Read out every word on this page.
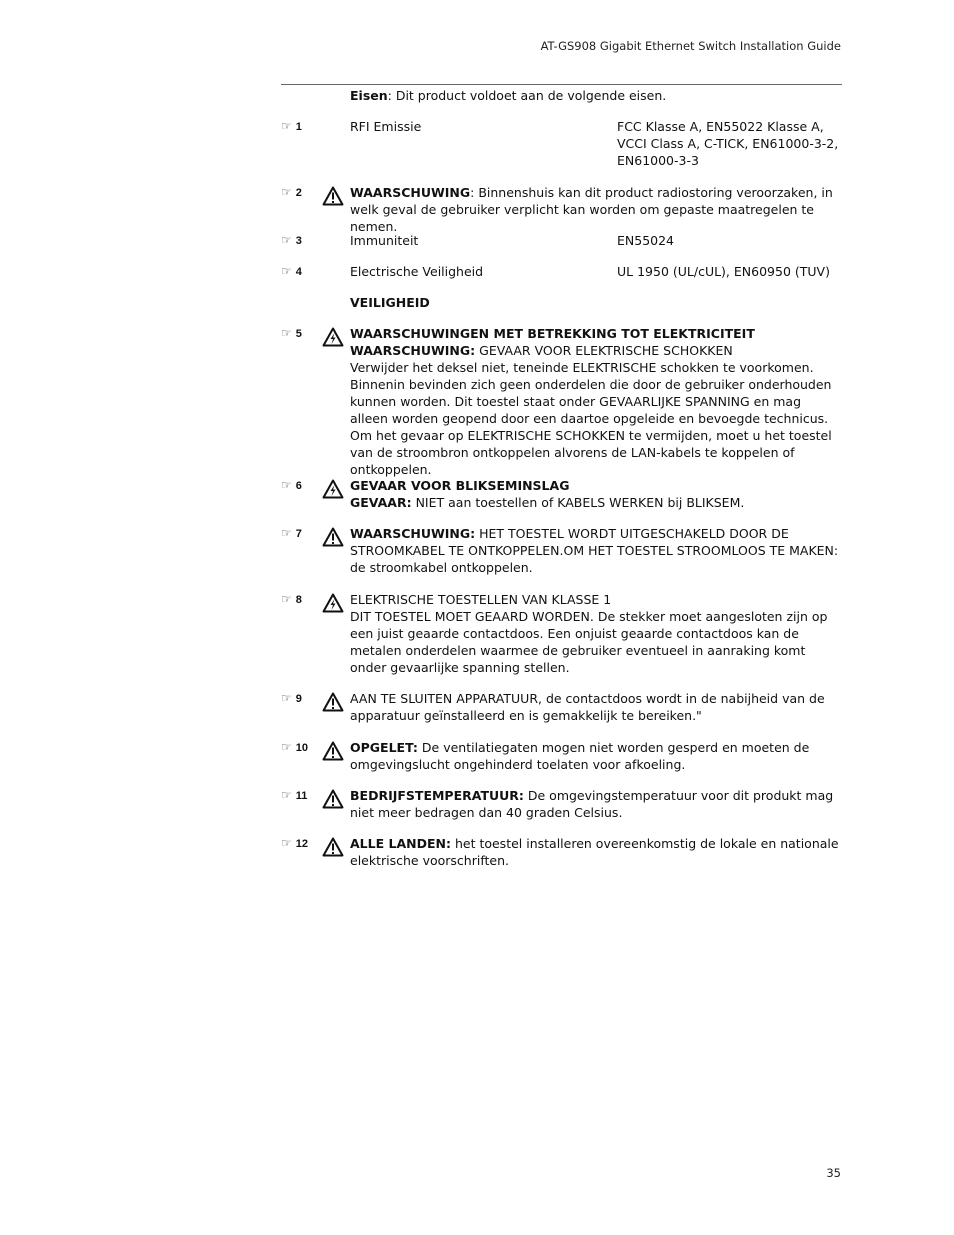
AT-GS908 Gigabit Ethernet Switch Installation Guide
Eisen: Dit product voldoet aan de volgende eisen.
☞ 1	RFI Emissie	FCC Klasse A, EN55022 Klasse A, VCCI Class A, C-TICK, EN61000-3-2, EN61000-3-3
☞ 2	WAARSCHUWING: Binnenshuis kan dit product radiostoring veroorzaken, in welk geval de gebruiker verplicht kan worden om gepaste maatregelen te nemen.
☞ 3	Immuniteit	EN55024
☞ 4	Electrische Veiligheid	UL 1950 (UL/cUL), EN60950 (TUV)
VEILIGHEID
☞ 5	WAARSCHUWINGEN MET BETREKKING TOT ELEKTRICITEIT
WAARSCHUWING: GEVAAR VOOR ELEKTRISCHE SCHOKKEN
Verwijder het deksel niet, teneinde ELEKTRISCHE schokken te voorkomen. Binnenin bevinden zich geen onderdelen die door de gebruiker onderhouden kunnen worden. Dit toestel staat onder GEVAARLIJKE SPANNING en mag alleen worden geopend door een daartoe opgeleide en bevoegde technicus. Om het gevaar op ELEKTRISCHE SCHOKKEN te vermijden, moet u het toestel van de stroombron ontkoppelen alvorens de LAN-kabels te koppelen of ontkoppelen.
☞ 6	GEVAAR VOOR BLIKSEMINSLAG
GEVAAR: NIET aan toestellen of KABELS WERKEN bij BLIKSEM.
☞ 7	WAARSCHUWING: HET TOESTEL WORDT UITGESCHAKELD DOOR DE STROOMKABEL TE ONTKOPPELEN.OM HET TOESTEL STROOMLOOS TE MAKEN: de stroomkabel ontkoppelen.
☞ 8	ELEKTRISCHE TOESTELLEN VAN KLASSE 1
DIT TOESTEL MOET GEAARD WORDEN. De stekker moet aangesloten zijn op een juist geaarde contactdoos. Een onjuist geaarde contactdoos kan de metalen onderdelen waarmee de gebruiker eventueel in aanraking komt onder gevaarlijke spanning stellen.
☞ 9	AAN TE SLUITEN APPARATUUR, de contactdoos wordt in de nabijheid van de apparatuur geïnstalleerd en is gemakkelijk te bereiken."
☞ 10	OPGELET: De ventilatiegaten mogen niet worden gesperd en moeten de omgevingslucht ongehinderd toelaten voor afkoeling.
☞ 11	BEDRIJFSTEMPERATUUR: De omgevingstemperatuur voor dit produkt mag niet meer bedragen dan 40 graden Celsius.
☞ 12	ALLE LANDEN: het toestel installeren overeenkomstig de lokale en nationale elektrische voorschriften.
35
